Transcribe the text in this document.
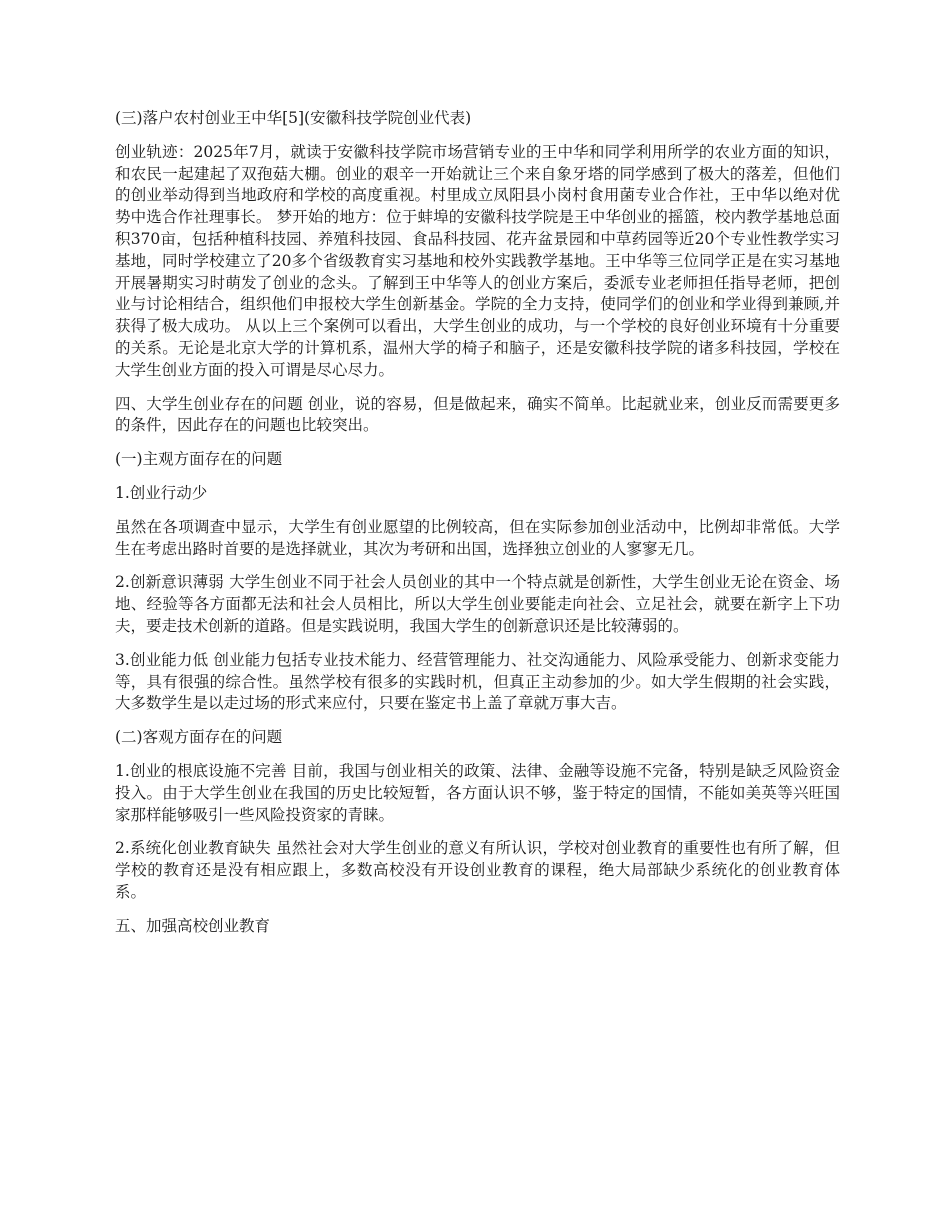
(三)落户农村创业王中华[5](安徽科技学院创业代表)

创业轨迹：2025年7月，就读于安徽科技学院市场营销专业的王中华和同学利用所学的农业方面的知识，和农民一起建起了双孢菇大棚。创业的艰辛一开始就让三个来自象牙塔的同学感到了极大的落差，但他们的创业举动得到当地政府和学校的高度重视。村里成立凤阳县小岗村食用菌专业合作社，王中华以绝对优势中选合作社理事长。 梦开始的地方：位于蚌埠的安徽科技学院是王中华创业的摇篮，校内教学基地总面积370亩，包括种植科技园、养殖科技园、食品科技园、花卉盆景园和中草药园等近20个专业性教学实习基地，同时学校建立了20多个省级教育实习基地和校外实践教学基地。王中华等三位同学正是在实习基地开展暑期实习时萌发了创业的念头。了解到王中华等人的创业方案后，委派专业老师担任指导老师，把创业与讨论相结合，组织他们申报校大学生创新基金。学院的全力支持，使同学们的创业和学业得到兼顾,并获得了极大成功。 从以上三个案例可以看出，大学生创业的成功，与一个学校的良好创业环境有十分重要的关系。无论是北京大学的计算机系，温州大学的椅子和脑子，还是安徽科技学院的诸多科技园，学校在大学生创业方面的投入可谓是尽心尽力。

四、大学生创业存在的问题 创业，说的容易，但是做起来，确实不简单。比起就业来，创业反而需要更多的条件，因此存在的问题也比较突出。

(一)主观方面存在的问题

1.创业行动少

虽然在各项调查中显示，大学生有创业愿望的比例较高，但在实际参加创业活动中，比例却非常低。大学生在考虑出路时首要的是选择就业，其次为考研和出国，选择独立创业的人寥寥无几。

2.创新意识薄弱 大学生创业不同于社会人员创业的其中一个特点就是创新性，大学生创业无论在资金、场地、经验等各方面都无法和社会人员相比，所以大学生创业要能走向社会、立足社会，就要在新字上下功夫，要走技术创新的道路。但是实践说明，我国大学生的创新意识还是比较薄弱的。

3.创业能力低 创业能力包括专业技术能力、经营管理能力、社交沟通能力、风险承受能力、创新求变能力等，具有很强的综合性。虽然学校有很多的实践时机，但真正主动参加的少。如大学生假期的社会实践，大多数学生是以走过场的形式来应付，只要在鉴定书上盖了章就万事大吉。

(二)客观方面存在的问题

1.创业的根底设施不完善 目前，我国与创业相关的政策、法律、金融等设施不完备，特别是缺乏风险资金投入。由于大学生创业在我国的历史比较短暂，各方面认识不够，鉴于特定的国情，不能如美英等兴旺国家那样能够吸引一些风险投资家的青睐。

2.系统化创业教育缺失 虽然社会对大学生创业的意义有所认识，学校对创业教育的重要性也有所了解，但学校的教育还是没有相应跟上，多数高校没有开设创业教育的课程，绝大局部缺少系统化的创业教育体系。

五、加强高校创业教育
